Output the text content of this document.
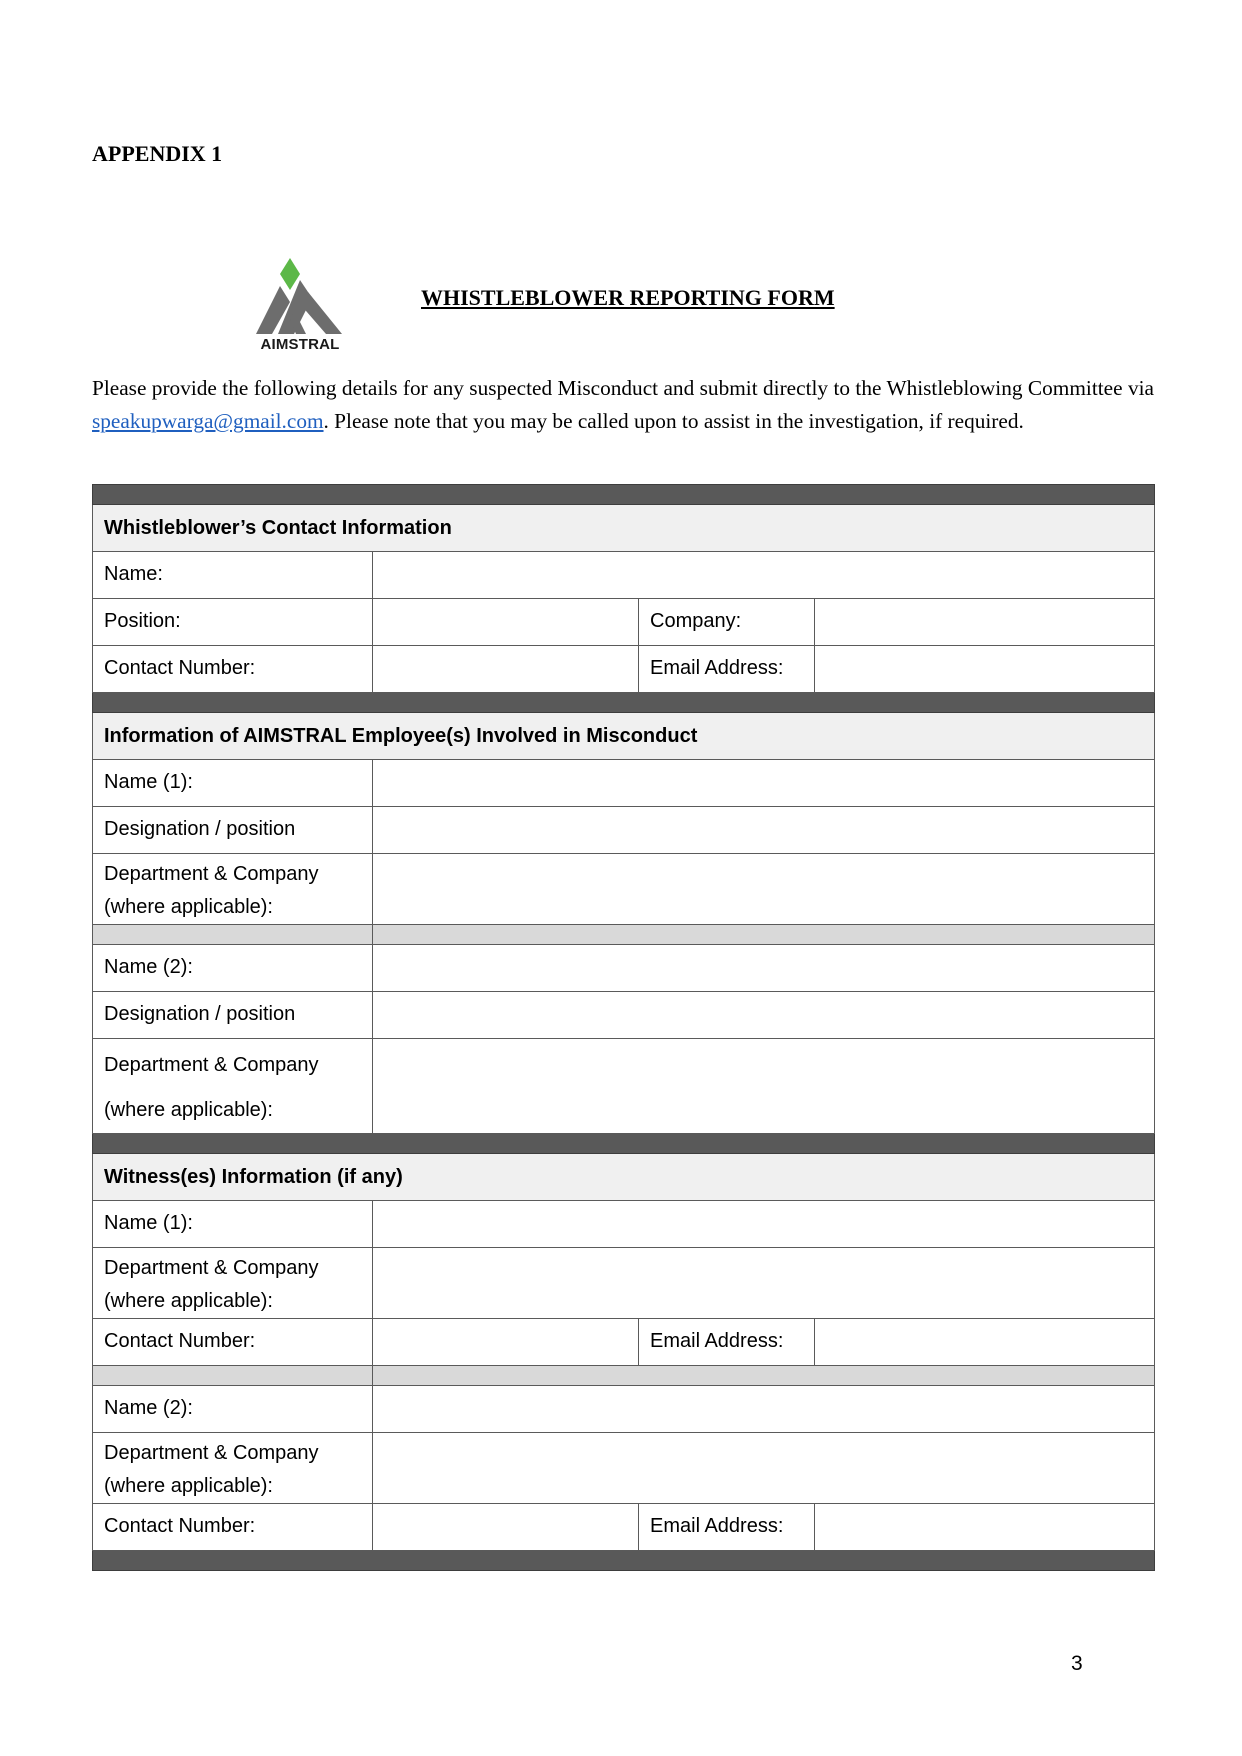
APPENDIX 1
AIMSTRAL
WHISTLEBLOWER REPORTING FORM
Please provide the following details for any suspected Misconduct and submit directly to the Whistleblowing Committee via speakupwarga@gmail.com. Please note that you may be called upon to assist in the investigation, if required.

Whistleblower’s Contact Information			
Name:			
Position:		Company:	
Contact Number:		Email Address:	

Information of AIMSTRAL Employee(s) Involved in Misconduct			
Name (1):			
Designation / position			

Department & Company
(where applicable):			

Name (2):			
Designation / position			

Department & Company
(where applicable):			

Witness(es) Information (if any)			
Name (1):			

Department & Company
(where applicable):			

Contact Number:		Email Address:	

Name (2):			

Department & Company
(where applicable):			

Contact Number:		Email Address:	

3
